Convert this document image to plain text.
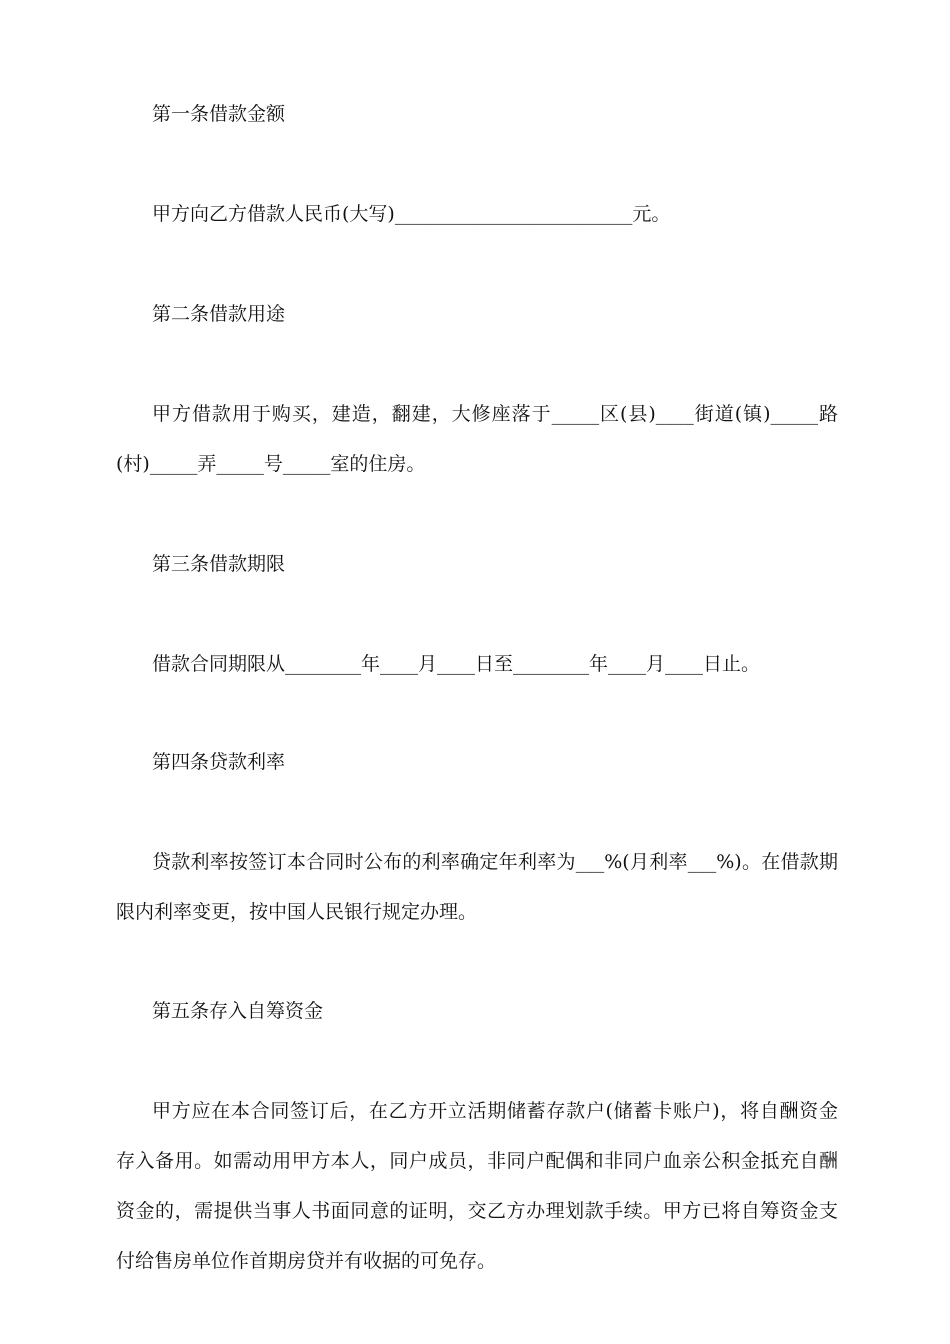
第一条借款金额
甲方向乙方借款人民币(大写)_________________________元。
第二条借款用途
甲方借款用于购买，建造，翻建，大修座落于_____区(县)____街道(镇)_____路
(村)_____弄_____号_____室的住房。
第三条借款期限
借款合同期限从________年____月____日至________年____月____日止。
第四条贷款利率
贷款利率按签订本合同时公布的利率确定年利率为___%(月利率___%)。在借款期
限内利率变更，按中国人民银行规定办理。
第五条存入自筹资金
甲方应在本合同签订后，在乙方开立活期储蓄存款户(储蓄卡账户)，将自酬资金
存入备用。如需动用甲方本人，同户成员，非同户配偶和非同户血亲公积金抵充自酬
资金的，需提供当事人书面同意的证明，交乙方办理划款手续。甲方已将自筹资金支
付给售房单位作首期房贷并有收据的可免存。
